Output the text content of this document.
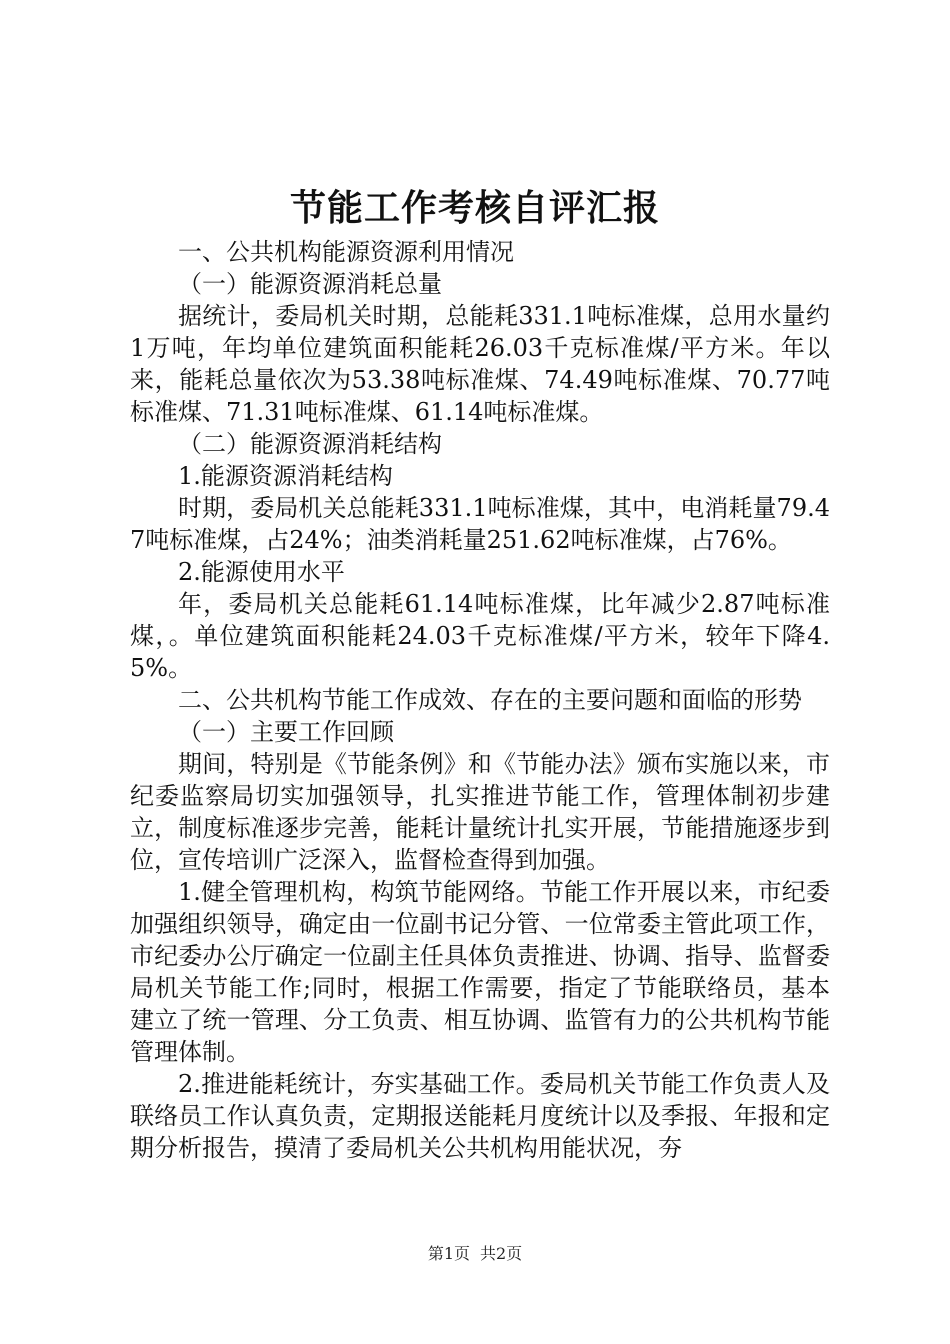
节能工作考核自评汇报

一、公共机构能源资源利用情况

（一）能源资源消耗总量

据统计，委局机关时期，总能耗331.1吨标准煤，总用水量约1万吨，年均单位建筑面积能耗26.03千克标准煤/平方米。年以来，能耗总量依次为53.38吨标准煤、74.49吨标准煤、70.77吨标准煤、71.31吨标准煤、61.14吨标准煤。

（二）能源资源消耗结构

1.能源资源消耗结构

时期，委局机关总能耗331.1吨标准煤，其中，电消耗量79.47吨标准煤，占24%；油类消耗量251.62吨标准煤，占76%。

2.能源使用水平

年，委局机关总能耗61.14吨标准煤，比年减少2.87吨标准煤，。单位建筑面积能耗24.03千克标准煤/平方米，较年下降4.5%。

二、公共机构节能工作成效、存在的主要问题和面临的形势

（一）主要工作回顾

期间，特别是《节能条例》和《节能办法》颁布实施以来，市纪委监察局切实加强领导，扎实推进节能工作，管理体制初步建立，制度标准逐步完善，能耗计量统计扎实开展，节能措施逐步到位，宣传培训广泛深入，监督检查得到加强。

1.健全管理机构，构筑节能网络。节能工作开展以来，市纪委加强组织领导，确定由一位副书记分管、一位常委主管此项工作，市纪委办公厅确定一位副主任具体负责推进、协调、指导、监督委局机关节能工作;同时，根据工作需要，指定了节能联络员，基本建立了统一管理、分工负责、相互协调、监管有力的公共机构节能管理体制。

2.推进能耗统计，夯实基础工作。委局机关节能工作负责人及联络员工作认真负责，定期报送能耗月度统计以及季报、年报和定期分析报告，摸清了委局机关公共机构用能状况，夯

第1页 共2页
